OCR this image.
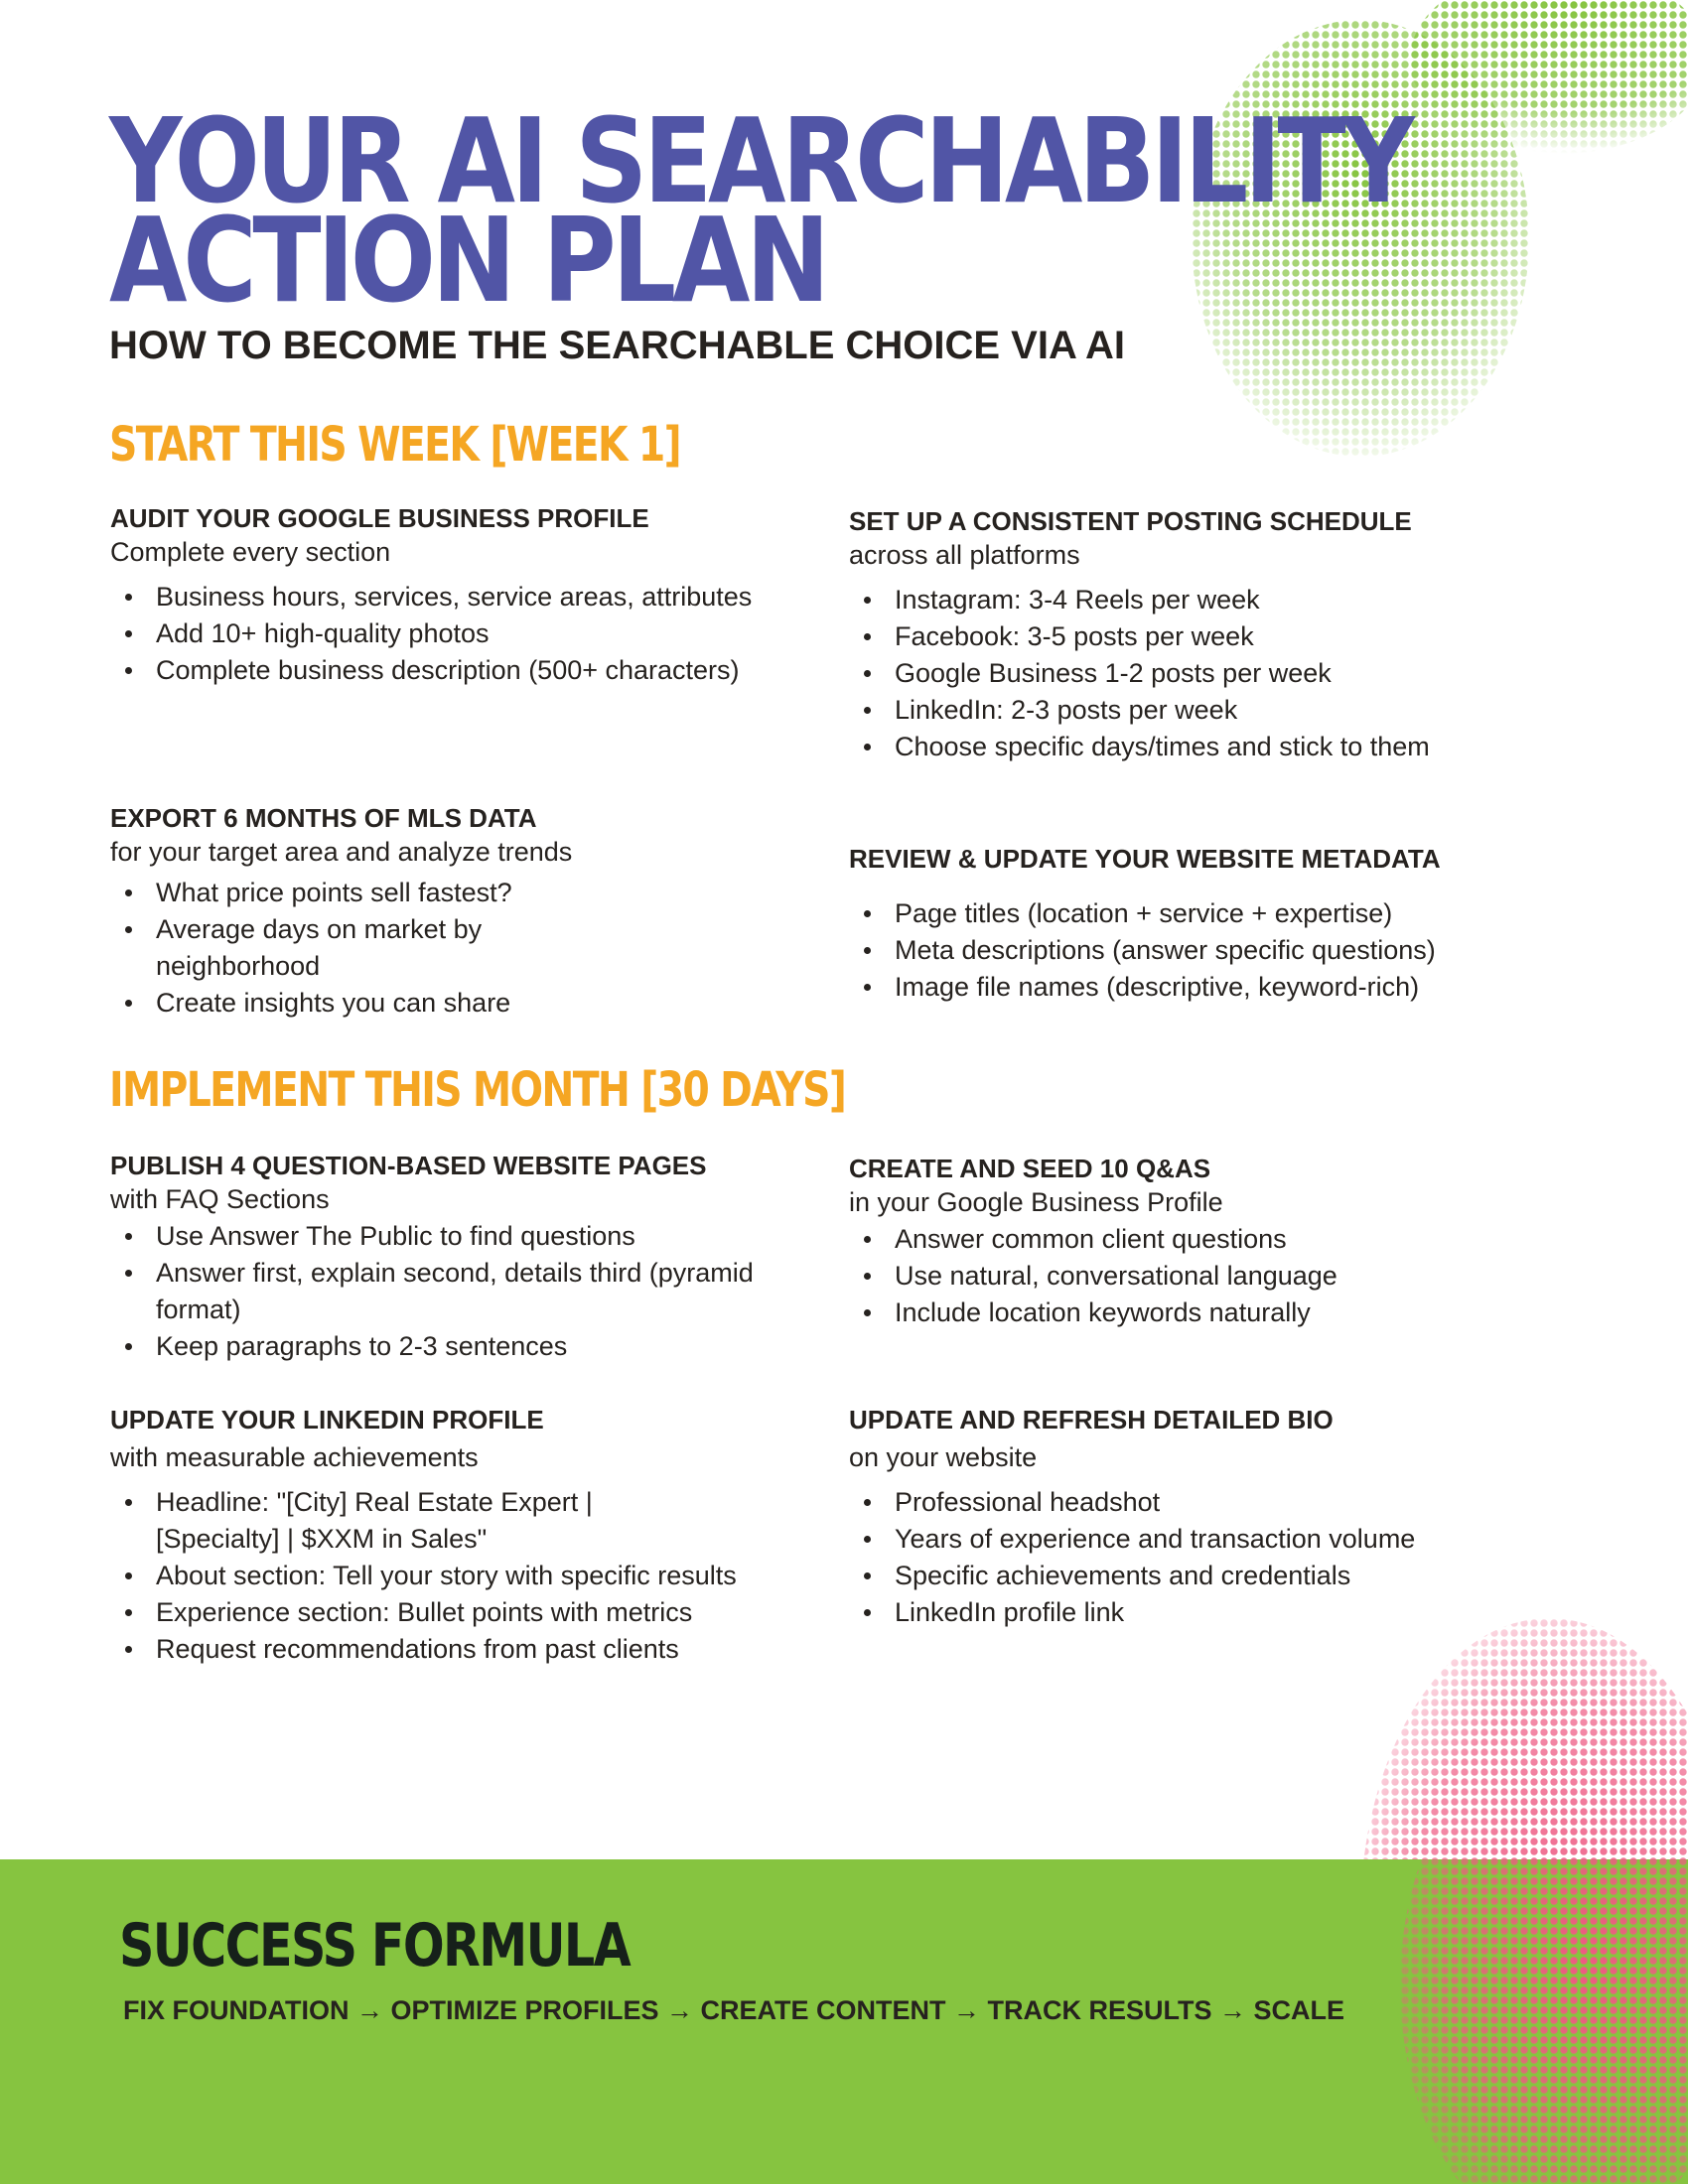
YOUR AI SEARCHABILITY
ACTION PLAN
HOW TO BECOME THE SEARCHABLE CHOICE VIA AI
START THIS WEEK [WEEK 1]
AUDIT YOUR GOOGLE BUSINESS PROFILE
Complete every section
Business hours, services, service areas, attributes
Add 10+ high-quality photos
Complete business description (500+ characters)
SET UP A CONSISTENT POSTING SCHEDULE
across all platforms
Instagram: 3-4 Reels per week
Facebook: 3-5 posts per week
Google Business 1-2 posts per week
LinkedIn: 2-3 posts per week
Choose specific days/times and stick to them
EXPORT 6 MONTHS OF MLS DATA
for your target area and analyze trends
What price points sell fastest?
Average days on market by neighborhood
Create insights you can share
REVIEW & UPDATE YOUR WEBSITE METADATA
Page titles (location + service + expertise)
Meta descriptions (answer specific questions)
Image file names (descriptive, keyword-rich)
IMPLEMENT THIS MONTH [30 DAYS]
PUBLISH 4 QUESTION-BASED WEBSITE PAGES
with FAQ Sections
Use Answer The Public to find questions
Answer first, explain second, details third (pyramid format)
Keep paragraphs to 2-3 sentences
CREATE AND SEED 10 Q&AS
in your Google Business Profile
Answer common client questions
Use natural, conversational language
Include location keywords naturally
UPDATE YOUR LINKEDIN PROFILE
with measurable achievements
Headline: "[City] Real Estate Expert | [Specialty] | $XXM in Sales"
About section: Tell your story with specific results
Experience section: Bullet points with metrics
Request recommendations from past clients
UPDATE AND REFRESH DETAILED BIO
on your website
Professional headshot
Years of experience and transaction volume
Specific achievements and credentials
LinkedIn profile link
SUCCESS FORMULA
FIX FOUNDATION → OPTIMIZE PROFILES → CREATE CONTENT → TRACK RESULTS → SCALE
